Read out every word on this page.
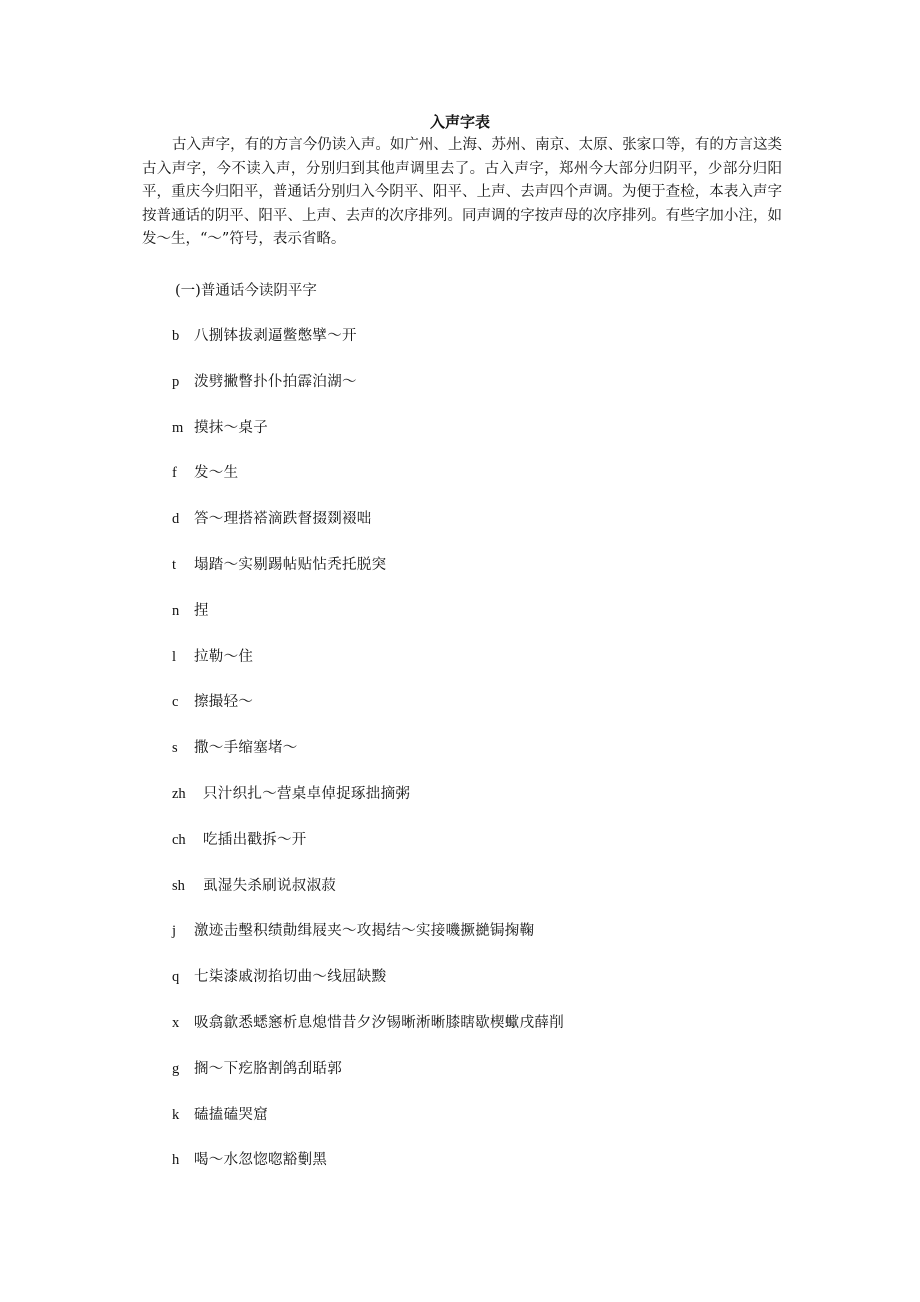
入声字表

古入声字，有的方言今仍读入声。如广州、上海、苏州、南京、太原、张家口等，有的方言这类古入声字，今不读入声，分别归到其他声调里去了。古入声字，郑州今大部分归阴平，少部分归阳平，重庆今归阳平，普通话分别归入今阴平、阳平、上声、去声四个声调。为便于查检，本表入声字按普通话的阴平、阳平、上声、去声的次序排列。同声调的字按声母的次序排列。有些字加小注，如发～生，“～”符号，表示省略。

(一)普通话今读阴平字
b 八捌钵拔剥逼鳖憋擘～开
p 泼劈撇瞥扑仆拍霹泊湖～
m 摸抹～桌子
f 发～生
d 答～理搭褡滴跌督掇剟裰咄
t 塌踏～实剔踢帖贴怗秃托脱突
n 捏
l 拉勒～住
c 擦撮轻～
s 撒～手缩塞堵～
zh 只汁织扎～营桌卓倬捉琢拙摘粥
ch 吃插出戳拆～开
sh 虱湿失杀刷说叔淑菽
j 激迹击墼积绩勣缉屐夹～攻揭结～实接嘰撅撧锔掬鞠
q 七柒漆戚沏掐切曲～线屈缺黢
x 吸翕歙悉蟋窸析息熄惜昔夕汐锡晰淅晰膝瞎歇楔蠍戌薛削
g 搁～下疙胳割鸽刮聒郭
k 磕搕磕哭窟
h 喝～水忽惚唿豁劐黑
